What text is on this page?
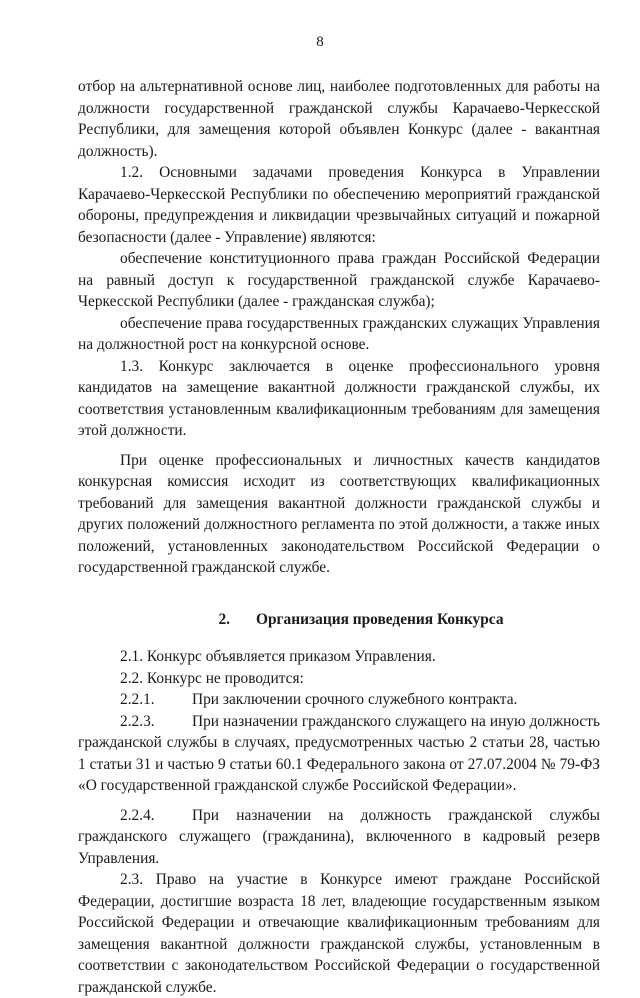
8

отбор на альтернативной основе лиц, наиболее подготовленных для работы на должности государственной гражданской службы Карачаево-Черкесской Республики, для замещения которой объявлен Конкурс (далее - вакантная должность).

1.2. Основными задачами проведения Конкурса в Управлении Карачаево-Черкесской Республики по обеспечению мероприятий гражданской обороны, предупреждения и ликвидации чрезвычайных ситуаций и пожарной безопасности (далее - Управление) являются:

обеспечение конституционного права граждан Российской Федерации на равный доступ к государственной гражданской службе Карачаево-Черкесской Республики (далее - гражданская служба);

обеспечение права государственных гражданских служащих Управления на должностной рост на конкурсной основе.

1.3. Конкурс заключается в оценке профессионального уровня кандидатов на замещение вакантной должности гражданской службы, их соответствия установленным квалификационным требованиям для замещения этой должности.

При оценке профессиональных и личностных качеств кандидатов конкурсная комиссия исходит из соответствующих квалификационных требований для замещения вакантной должности гражданской службы и других положений должностного регламента по этой должности, а также иных положений, установленных законодательством Российской Федерации о государственной гражданской службе.

2. Организация проведения Конкурса

2.1. Конкурс объявляется приказом Управления.

2.2. Конкурс не проводится:

2.2.1. При заключении срочного служебного контракта.

2.2.3. При назначении гражданского служащего на иную должность гражданской службы в случаях, предусмотренных частью 2 статьи 28, частью 1 статьи 31 и частью 9 статьи 60.1 Федерального закона от 27.07.2004 № 79-ФЗ «О государственной гражданской службе Российской Федерации».

2.2.4. При назначении на должность гражданской службы гражданского служащего (гражданина), включенного в кадровый резерв Управления.

2.3. Право на участие в Конкурсе имеют граждане Российской Федерации, достигшие возраста 18 лет, владеющие государственным языком Российской Федерации и отвечающие квалификационным требованиям для замещения вакантной должности гражданской службы, установленным в соответствии с законодательством Российской Федерации о государственной гражданской службе.
